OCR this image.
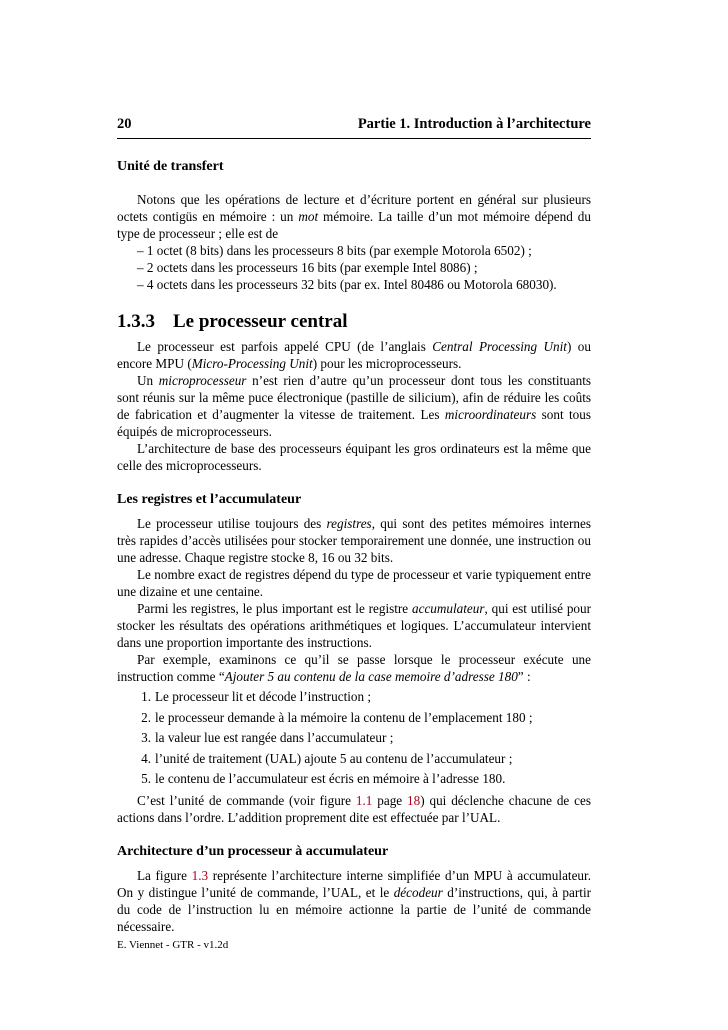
20	Partie 1. Introduction à l’architecture
Unité de transfert

Notons que les opérations de lecture et d’écriture portent en général sur plusieurs octets contigüs en mémoire : un mot mémoire. La taille d’un mot mémoire dépend du type de processeur ; elle est de

– 1 octet (8 bits) dans les processeurs 8 bits (par exemple Motorola 6502) ;
– 2 octets dans les processeurs 16 bits (par exemple Intel 8086) ;
– 4 octets dans les processeurs 32 bits (par ex. Intel 80486 ou Motorola 68030).
1.3.3 Le processeur central

Le processeur est parfois appelé CPU (de l’anglais Central Processing Unit) ou encore MPU (Micro-Processing Unit) pour les microprocesseurs.

Un microprocesseur n’est rien d’autre qu’un processeur dont tous les constituants sont réunis sur la même puce électronique (pastille de silicium), afin de réduire les coûts de fabrication et d’augmenter la vitesse de traitement. Les microordinateurs sont tous équipés de microprocesseurs.

L’architecture de base des processeurs équipant les gros ordinateurs est la même que celle des microprocesseurs.

Les registres et l’accumulateur

Le processeur utilise toujours des registres, qui sont des petites mémoires internes très rapides d’accès utilisées pour stocker temporairement une donnée, une instruction ou une adresse. Chaque registre stocke 8, 16 ou 32 bits.

Le nombre exact de registres dépend du type de processeur et varie typiquement entre une dizaine et une centaine.

Parmi les registres, le plus important est le registre accumulateur, qui est utilisé pour stocker les résultats des opérations arithmétiques et logiques. L’accumulateur intervient dans une proportion importante des instructions.

Par exemple, examinons ce qu’il se passe lorsque le processeur exécute une instruction comme “Ajouter 5 au contenu de la case memoire d’adresse 180” :

1. Le processeur lit et décode l’instruction ;
2. le processeur demande à la mémoire la contenu de l’emplacement 180 ;
3. la valeur lue est rangée dans l’accumulateur ;
4. l’unité de traitement (UAL) ajoute 5 au contenu de l’accumulateur ;
5. le contenu de l’accumulateur est écris en mémoire à l’adresse 180.

C’est l’unité de commande (voir figure 1.1 page 18) qui déclenche chacune de ces actions dans l’ordre. L’addition proprement dite est effectuée par l’UAL.

Architecture d’un processeur à accumulateur

La figure 1.3 représente l’architecture interne simplifiée d’un MPU à accumulateur. On y distingue l’unité de commande, l’UAL, et le décodeur d’instructions, qui, à partir du code de l’instruction lu en mémoire actionne la partie de l’unité de commande nécessaire.

E. Viennet - GTR - v1.2d
